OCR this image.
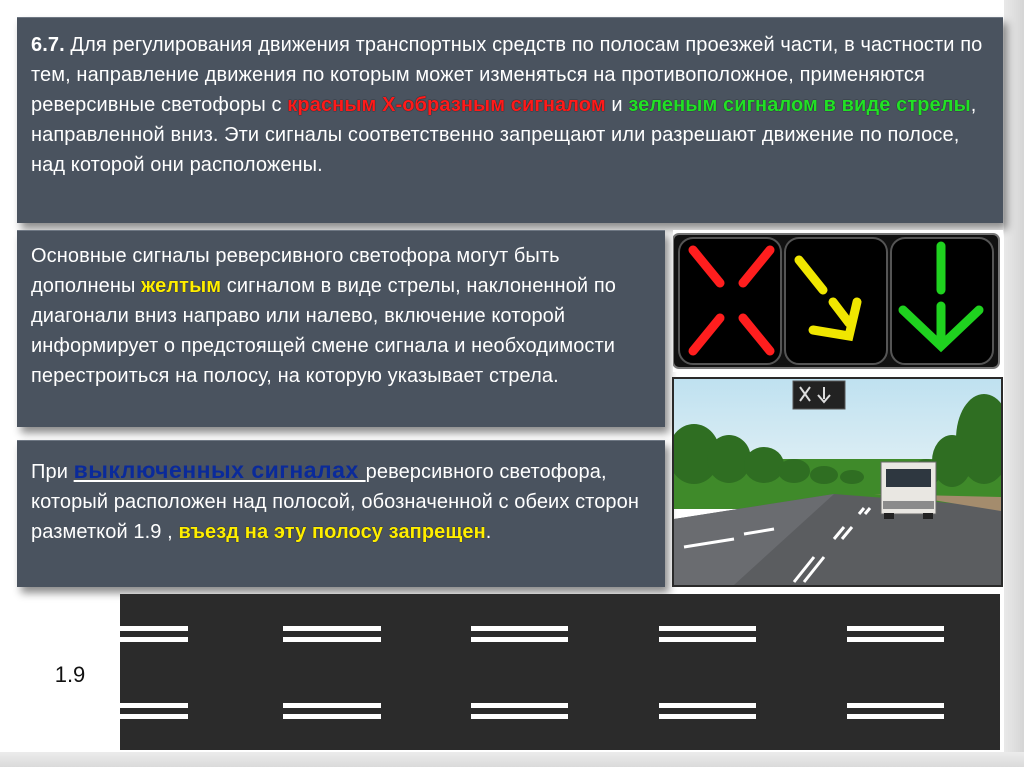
6.7. Для регулирования движения транспортных средств по полосам проезжей части, в частности по тем, направление движения по которым может изменяться на противоположное, применяются реверсивные светофоры с красным Х-образным сигналом и зеленым сигналом в виде стрелы, направленной вниз. Эти сигналы соответственно запрещают или разрешают движение по полосе, над которой они расположены.

Основные сигналы реверсивного светофора могут быть дополнены желтым сигналом в виде стрелы, наклоненной по диагонали вниз направо или налево, включение которой информирует о предстоящей смене сигнала и необходимости перестроиться на полосу, на которую указывает стрела.

При выключенных сигналах реверсивного светофора, который расположен над полосой, обозначенной с обеих сторон разметкой 1.9 , въезд на эту полосу запрещен.

1.9
